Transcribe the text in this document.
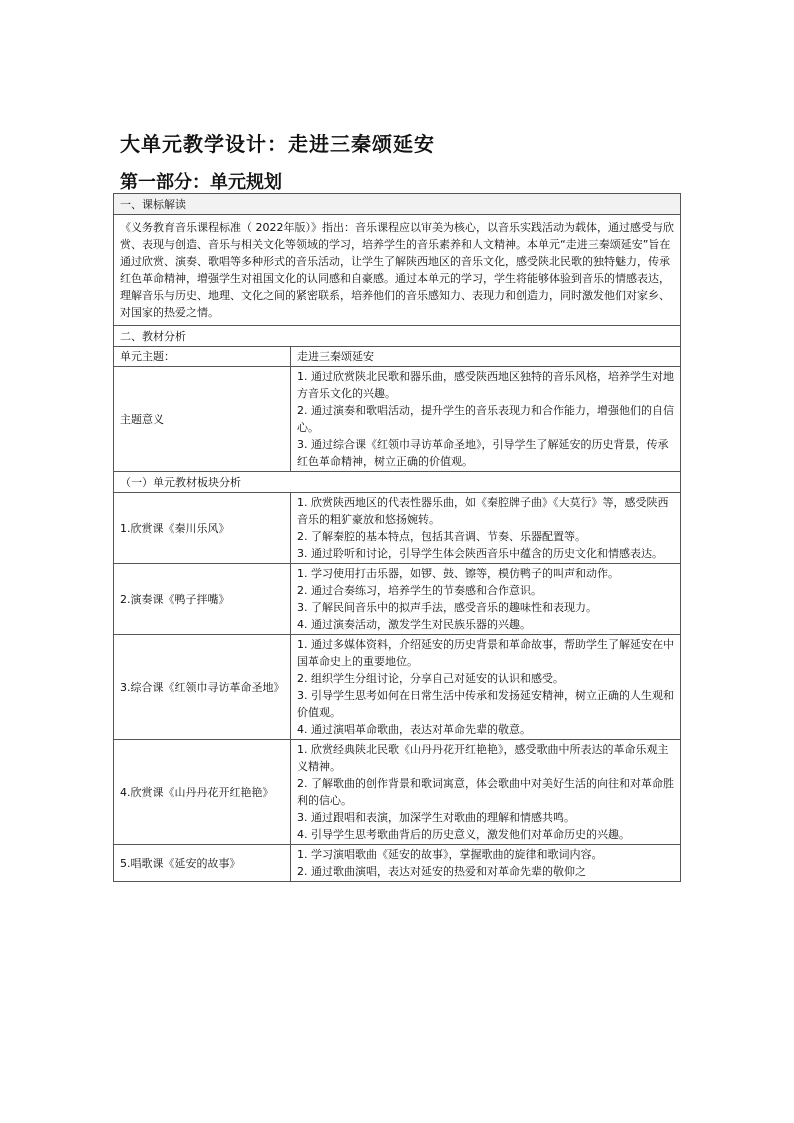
大单元教学设计：走进三秦颂延安
第一部分：单元规划
一、课标解读	
《义务教育音乐课程标准（ 2022年版）》指出：音乐课程应以审美为核心，以音乐实践活动为载体，通过感受与欣赏、表现与创造、音乐与相关文化等领域的学习，培养学生的音乐素养和人文精神。本单元“走进三秦颂延安”旨在通过欣赏、演奏、歌唱等多种形式的音乐活动，让学生了解陕西地区的音乐文化，感受陕北民歌的独特魅力，传承红色革命精神，增强学生对祖国文化的认同感和自豪感。通过本单元的学习，学生将能够体验到音乐的情感表达，理解音乐与历史、地理、文化之间的紧密联系，培养他们的音乐感知力、表现力和创造力，同时激发他们对家乡、对国家的热爱之情。	
二、教材分析	
单元主题：	走进三秦颂延安
主题意义	1. 通过欣赏陕北民歌和器乐曲，感受陕西地区独特的音乐风格，培养学生对地方音乐文化的兴趣。
2. 通过演奏和歌唱活动，提升学生的音乐表现力和合作能力，增强他们的自信心。
3. 通过综合课《红领巾寻访革命圣地》，引导学生了解延安的历史背景，传承红色革命精神，树立正确的价值观。

（一）单元教材板块分析	
1.欣赏课《秦川乐风》	1. 欣赏陕西地区的代表性器乐曲，如《秦腔牌子曲》《大莫行》等，感受陕西音乐的粗犷豪放和悠扬婉转。
2. 了解秦腔的基本特点，包括其音调、节奏、乐器配置等。
3. 通过聆听和讨论，引导学生体会陕西音乐中蕴含的历史文化和情感表达。

2.演奏课《鸭子拌嘴》	1. 学习使用打击乐器，如锣、鼓、镲等，模仿鸭子的叫声和动作。
2. 通过合奏练习，培养学生的节奏感和合作意识。
3. 了解民间音乐中的拟声手法，感受音乐的趣味性和表现力。
4. 通过演奏活动，激发学生对民族乐器的兴趣。

3.综合课《红领巾寻访革命圣地》	1. 通过多媒体资料，介绍延安的历史背景和革命故事，帮助学生了解延安在中国革命史上的重要地位。
2. 组织学生分组讨论，分享自己对延安的认识和感受。
3. 引导学生思考如何在日常生活中传承和发扬延安精神，树立正确的人生观和价值观。
4. 通过演唱革命歌曲，表达对革命先辈的敬意。

4.欣赏课《山丹丹花开红艳艳》	1. 欣赏经典陕北民歌《山丹丹花开红艳艳》，感受歌曲中所表达的革命乐观主义精神。
2. 了解歌曲的创作背景和歌词寓意，体会歌曲中对美好生活的向往和对革命胜利的信心。
3. 通过跟唱和表演，加深学生对歌曲的理解和情感共鸣。
4. 引导学生思考歌曲背后的历史意义，激发他们对革命历史的兴趣。

5.唱歌课《延安的故事》	1. 学习演唱歌曲《延安的故事》，掌握歌曲的旋律和歌词内容。
2. 通过歌曲演唱，表达对延安的热爱和对革命先辈的敬仰之
